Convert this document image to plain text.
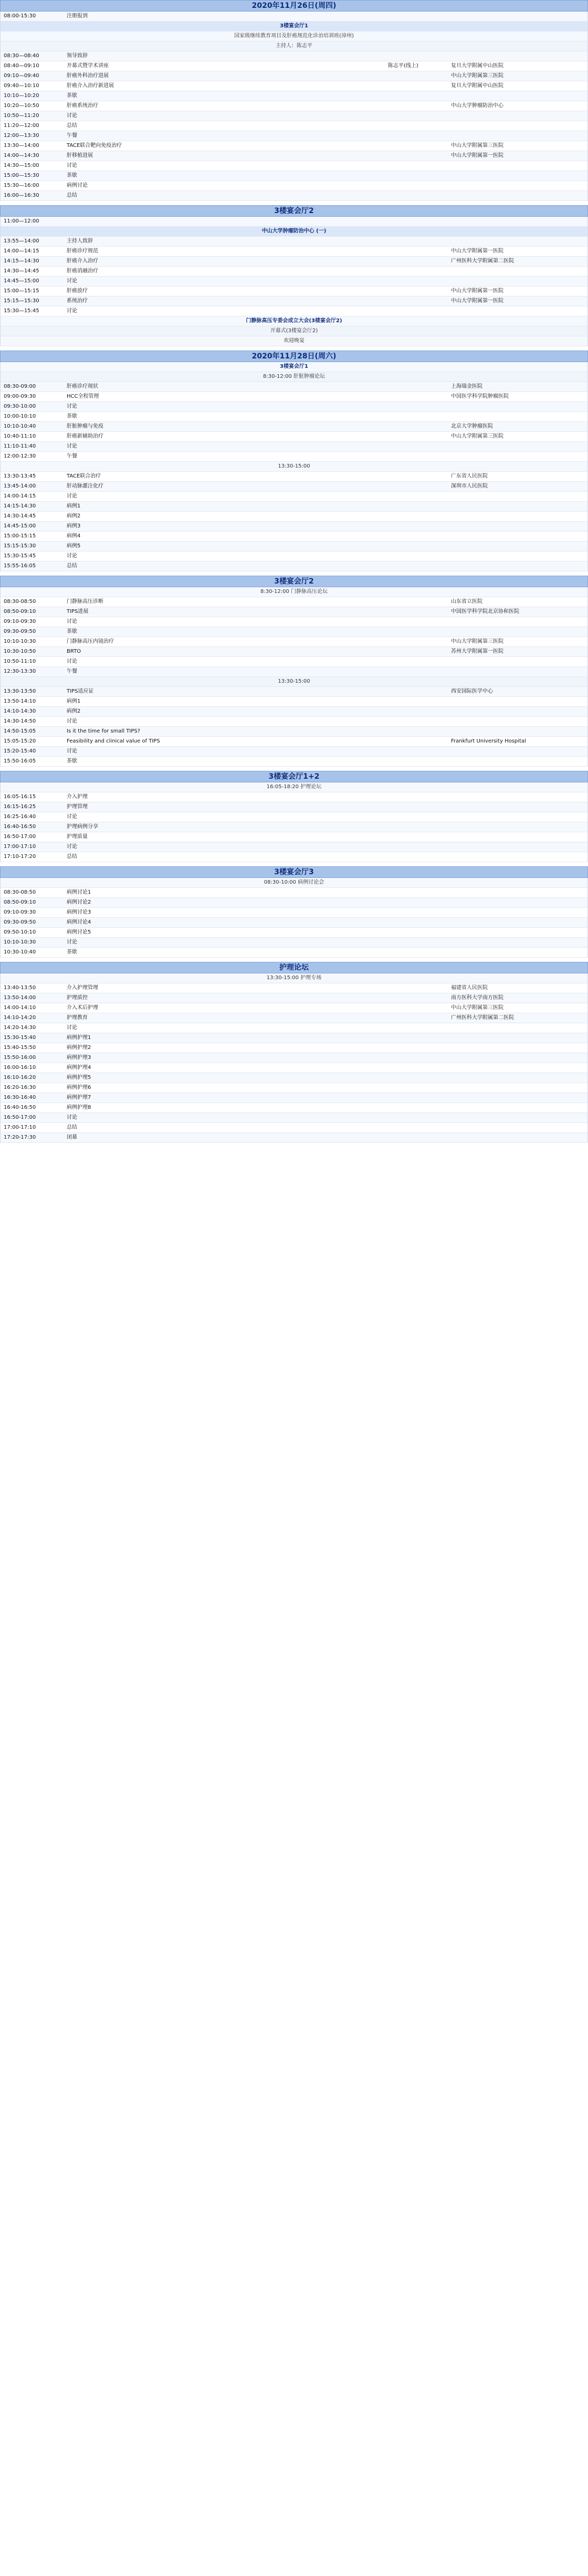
2020年11月26日(周四)
08:00-15:30	注册报到
3楼宴会厅1
国家级继续教育项目及肝癌规范化诊治培训班(漳州)
主持人：陈志平
08:30—08:40	领导致辞
08:40—09:10	开幕式暨学术讲座	陈志平(线上)	复旦大学附属中山医院
09:10—09:40	肝癌外科治疗进展	中山大学附属第三医院
09:40—10:10	肝癌介入治疗新进展	复旦大学附属中山医院
10:10—10:20	茶歇
10:20—10:50	肝癌系统治疗	中山大学肿瘤防治中心
10:50—11:20	讨论
11:20—12:00	总结
12:00—13:30	午餐
13:30—14:00	TACE联合靶向免疫治疗	中山大学附属第三医院
14:00—14:30	肝移植进展	中山大学附属第一医院
14:30—15:00	讨论
15:00—15:30	茶歇
15:30—16:00	病例讨论
16:00—16:30	总结
3楼宴会厅2
11:00—12:00
中山大学肿瘤防治中心 (一)
13:55—14:00	主持人致辞
14:00—14:15	肝癌诊疗规范	中山大学附属第一医院
14:15—14:30	肝癌介入治疗	广州医科大学附属第二医院
14:30—14:45	肝癌消融治疗
14:45—15:00	讨论
15:00—15:15	肝癌放疗	中山大学附属第一医院
15:15—15:30	系统治疗	中山大学附属第一医院
15:30—15:45	讨论
门静脉高压专委会成立大会(3楼宴会厅2)
开幕式(3楼宴会厅2)
欢迎晚宴
2020年11月28日(周六)
3楼宴会厅1
8:30-12:00 肝脏肿瘤论坛
08:30-09:00	肝癌诊疗现状	上海瑞金医院
09:00-09:30	HCC全程管理	中国医学科学院肿瘤医院
09:30-10:00	讨论
10:00-10:10	茶歇
10:10-10:40	肝脏肿瘤与免疫	北京大学肿瘤医院
10:40-11:10	肝癌新辅助治疗	中山大学附属第三医院
11:10-11:40	讨论
12:00-12:30	午餐
13:30-15:00
13:30-13:45	TACE联合治疗	广东省人民医院
13:45-14:00	肝动脉灌注化疗	深圳市人民医院
14:00-14:15	讨论
14:15-14:30	病例1
14:30-14:45	病例2
14:45-15:00	病例3
15:00-15:15	病例4
15:15-15:30	病例5
15:30-15:45	讨论
15:55-16:05	总结
3楼宴会厅2
8:30-12:00 门静脉高压论坛
08:30-08:50	门静脉高压诊断	山东省立医院
08:50-09:10	TIPS进展	中国医学科学院北京协和医院
09:10-09:30	讨论
09:30-09:50	茶歇
10:10-10:30	门静脉高压内镜治疗	中山大学附属第三医院
10:30-10:50	BRTO	苏州大学附属第一医院
10:50-11:10	讨论
12:30-13:30	午餐
13:30-15:00
13:30-13:50	TIPS适应证	西安国际医学中心
13:50-14:10	病例1
14:10-14:30	病例2
14:30-14:50	讨论
14:50-15:05	Is it the time for small TIPS?
15:05-15:20	Feasibility and clinical value of TIPS	Frankfurt University Hospital
15:20-15:40	讨论
15:50-16:05	茶歇
3楼宴会厅1+2
16:05-18:20 护理论坛
16:05-16:15	介入护理
16:15-16:25	护理管理
16:25-16:40	讨论
16:40-16:50	护理病例分享
16:50-17:00	护理质量
17:00-17:10	讨论
17:10-17:20	总结
3楼宴会厅3
08:30-10:00 病例讨论会
08:30-08:50	病例讨论1
08:50-09:10	病例讨论2
09:10-09:30	病例讨论3
09:30-09:50	病例讨论4
09:50-10:10	病例讨论5
10:10-10:30	讨论
10:30-10:40	茶歇
护理论坛
13:30-15:00 护理专场
13:40-13:50	介入护理管理	福建省人民医院
13:50-14:00	护理质控	南方医科大学南方医院
14:00-14:10	介入术后护理	中山大学附属第三医院
14:10-14:20	护理教育	广州医科大学附属第二医院
14:20-14:30	讨论
15:30-15:40	病例护理1
15:40-15:50	病例护理2
15:50-16:00	病例护理3
16:00-16:10	病例护理4
16:10-16:20	病例护理5
16:20-16:30	病例护理6
16:30-16:40	病例护理7
16:40-16:50	病例护理8
16:50-17:00	讨论
17:00-17:10	总结
17:20-17:30	闭幕
